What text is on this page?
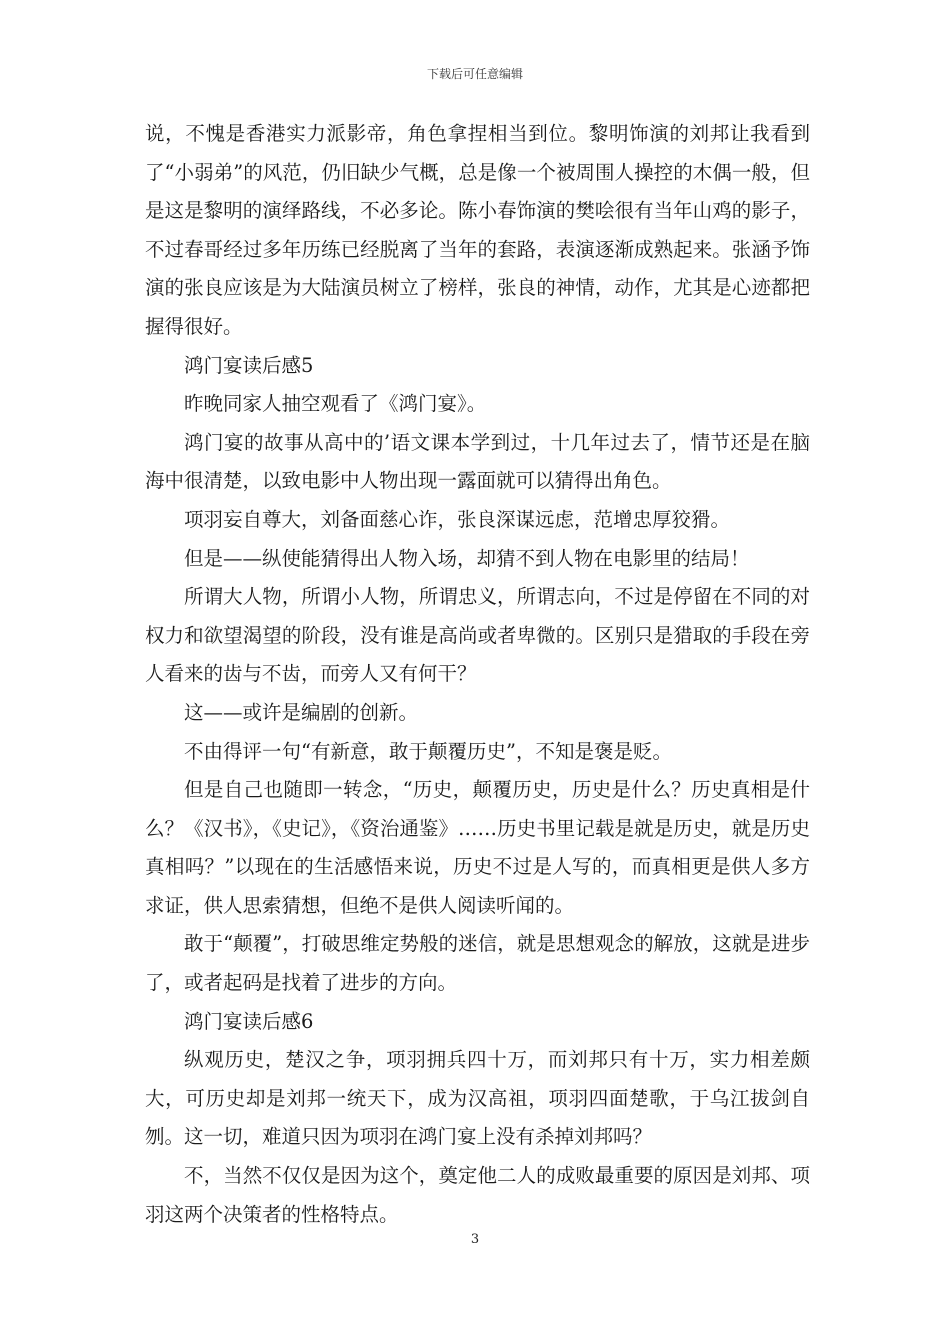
下载后可任意编辑

说，不愧是香港实力派影帝，角色拿捏相当到位。黎明饰演的刘邦让我看到了“小弱弟”的风范，仍旧缺少气概，总是像一个被周围人操控的木偶一般，但是这是黎明的演绎路线，不必多论。陈小春饰演的樊哙很有当年山鸡的影子，不过春哥经过多年历练已经脱离了当年的套路，表演逐渐成熟起来。张涵予饰演的张良应该是为大陆演员树立了榜样，张良的神情，动作，尤其是心迹都把握得很好。

鸿门宴读后感5

昨晚同家人抽空观看了《鸿门宴》。

鸿门宴的故事从高中的’语文课本学到过，十几年过去了，情节还是在脑海中很清楚，以致电影中人物出现一露面就可以猜得出角色。

项羽妄自尊大，刘备面慈心诈，张良深谋远虑，范增忠厚狡猾。

但是——纵使能猜得出人物入场，却猜不到人物在电影里的结局！

所谓大人物，所谓小人物，所谓忠义，所谓志向，不过是停留在不同的对权力和欲望渴望的阶段，没有谁是高尚或者卑微的。区别只是猎取的手段在旁人看来的齿与不齿，而旁人又有何干？

这——或许是编剧的创新。

不由得评一句“有新意，敢于颠覆历史”，不知是褒是贬。

但是自己也随即一转念，“历史，颠覆历史，历史是什么？历史真相是什么？《汉书》，《史记》，《资治通鉴》……历史书里记载是就是历史，就是历史真相吗？”以现在的生活感悟来说，历史不过是人写的，而真相更是供人多方求证，供人思索猜想，但绝不是供人阅读听闻的。

敢于“颠覆”，打破思维定势般的迷信，就是思想观念的解放，这就是进步了，或者起码是找着了进步的方向。

鸿门宴读后感6

纵观历史，楚汉之争，项羽拥兵四十万，而刘邦只有十万，实力相差颇大，可历史却是刘邦一统天下，成为汉高祖，项羽四面楚歌，于乌江拔剑自刎。这一切，难道只因为项羽在鸿门宴上没有杀掉刘邦吗？

不，当然不仅仅是因为这个，奠定他二人的成败最重要的原因是刘邦、项羽这两个决策者的性格特点。

3
